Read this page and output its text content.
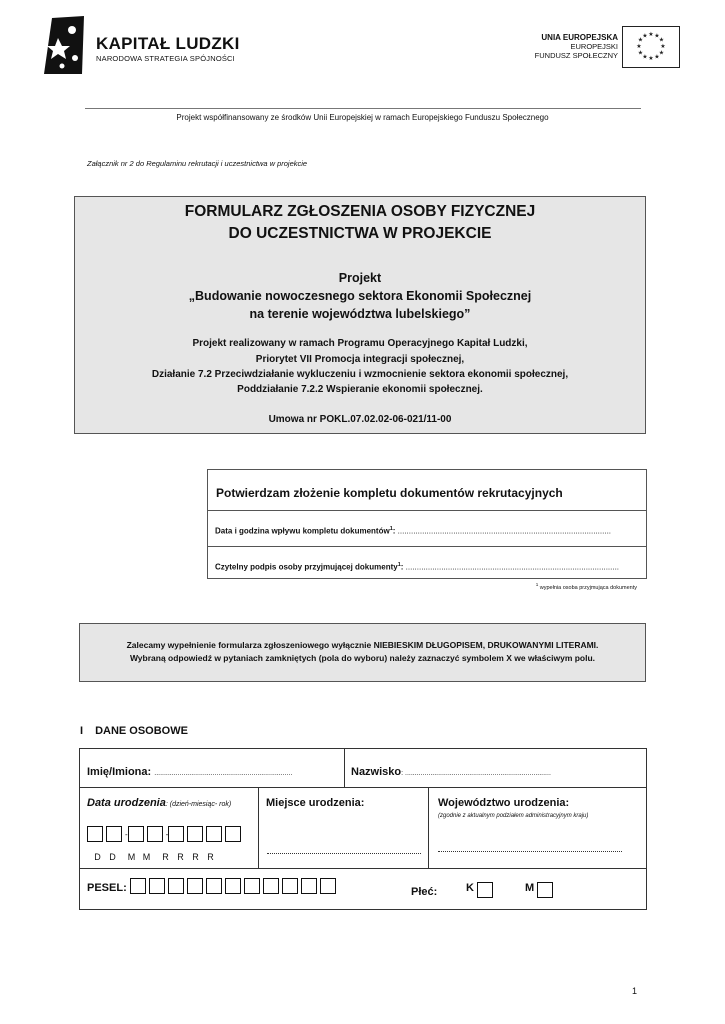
KAPITAŁ LUDZKI
NARODOWA STRATEGIA SPÓJNOŚCI
UNIA EUROPEJSKA
EUROPEJSKI
FUNDUSZ SPOŁECZNY
★ ★
★
★
★
★
★
★
★
★
★
★
Projekt współfinansowany ze środków Unii Europejskiej w ramach Europejskiego Funduszu Społecznego
Załącznik nr 2 do Regulaminu rekrutacji i uczestnictwa w projekcie
FORMULARZ ZGŁOSZENIA OSOBY FIZYCZNEJ
DO UCZESTNICTWA W PROJEKCIE
Projekt
„Budowanie nowoczesnego sektora Ekonomii Społecznej
na terenie województwa lubelskiego”
Projekt realizowany w ramach Programu Operacyjnego Kapitał Ludzki,
Priorytet VII Promocja integracji społecznej,
Działanie 7.2 Przeciwdziałanie wykluczeniu i wzmocnienie sektora ekonomii społecznej,
Poddziałanie 7.2.2 Wspieranie ekonomii społecznej.
Umowa nr POKL.07.02.02-06-021/11-00
Potwierdzam złożenie kompletu dokumentów rekrutacyjnych
Data i godzina wpływu kompletu dokumentów$^1$: ................................................................................................
Czytelny podpis osoby przyjmującej dokumenty$^1$: ................................................................................................
$^1$ wypełnia osoba przyjmująca dokumenty
Zalecamy wypełnienie formularza zgłoszeniowego wyłącznie NIEBIESKIM DŁUGOPISEM, DRUKOWANYMI LITERAMI.
Wybraną odpowiedź w pytaniach zamkniętych (pola do wyboru) należy zaznaczyć symbolem X we właściwym polu.
I DANE OSOBOWE
Imię/Imiona: .......................................................................	Nazwisko: ...........................................................................
Data urodzenia: (dzień-miesiąc- rok)
-	-
D D M M R R R R
Miejsce urodzenia:	Województwo urodzenia:
(zgodnie z aktualnym podziałem administracyjnym kraju)
PESEL:	Płeć:	K	M
1
